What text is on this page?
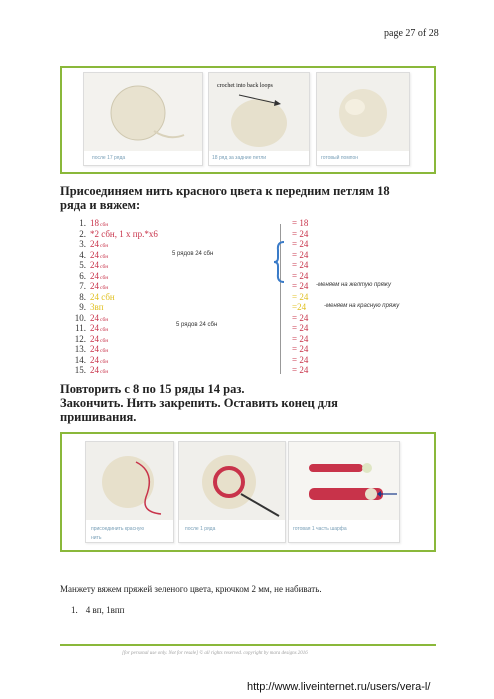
page 27 of 28
после 17 ряда
crochet into back loops
18 ряд за задние петли	готовый помпон
Присоединяем нить красного цвета к передним петлям 18
ряда и вяжем:
1. 18сбн	= 18
2. *2 сбн, 1 х пр.*х6	= 24
3. 24сбн	= 24
4. 24сбн	= 24
5. 24сбн	= 24
6. 24сбн	= 24
7. 24сбн	= 24
8. 24 сбн	= 24
9. 3вп	=24
10. 24сбн	= 24
11. 24сбн	= 24
12. 24сбн	= 24
13. 24сбн	= 24
14. 24сбн	= 24
15. 24сбн	= 24
5 рядов 24 сбн
5 рядов 24 сбн
-меняем на желтую пряжу
-меняем на красную пряжу
Повторить с 8 по 15 ряды 14 раз.
Закончить. Нить закрепить. Оставить конец для
пришивания.
присоединить красную
нить
после 1 ряда	готовая 1 часть шарфа
Манжету вяжем пряжей зеленого цвета, крючком 2 мм, не набивать.
1. 4 вп, 1впп
[for personal use only. Not for resale] © all rights reserved. copyright by mara designs 2016
http://www.liveinternet.ru/users/vera-l/
